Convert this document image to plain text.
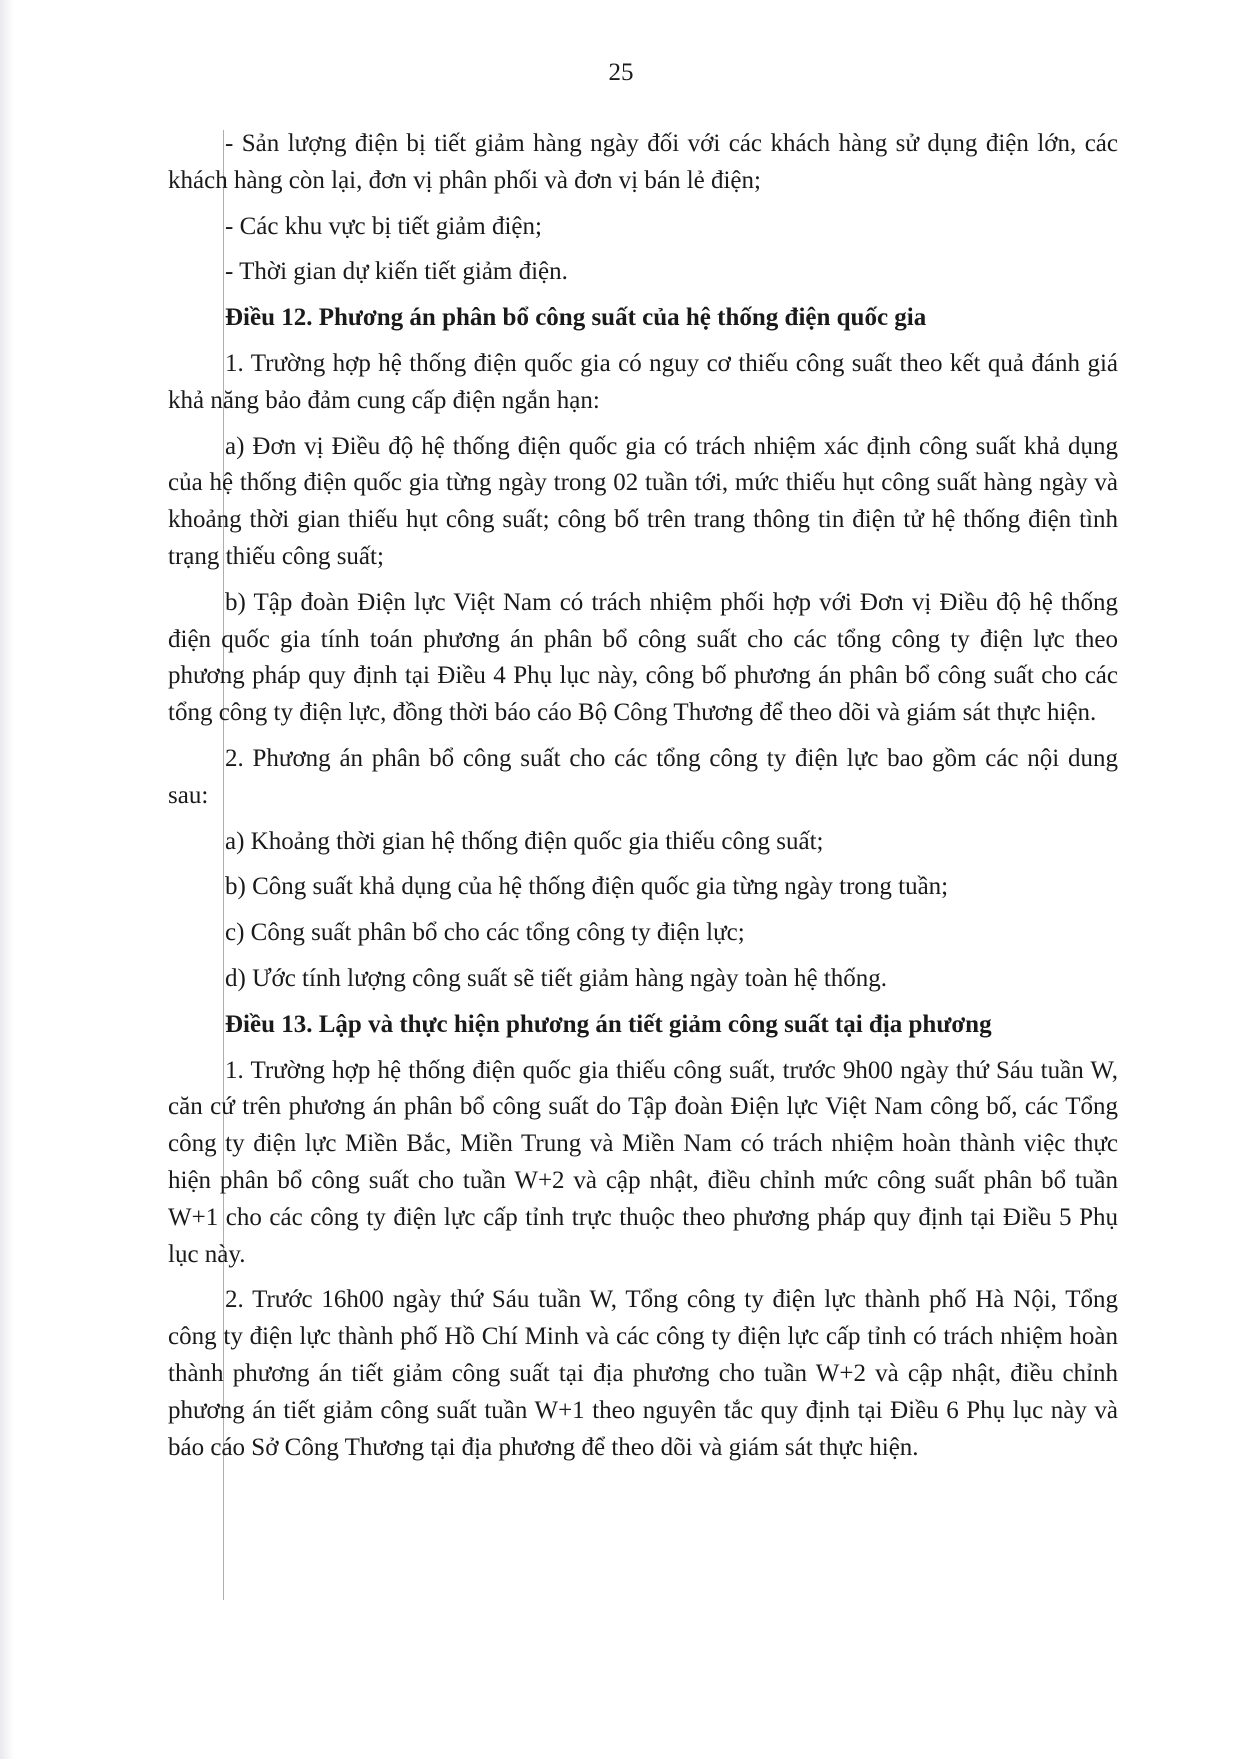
25

- Sản lượng điện bị tiết giảm hàng ngày đối với các khách hàng sử dụng điện lớn, các khách hàng còn lại, đơn vị phân phối và đơn vị bán lẻ điện;

- Các khu vực bị tiết giảm điện;

- Thời gian dự kiến tiết giảm điện.

Điều 12. Phương án phân bổ công suất của hệ thống điện quốc gia

1. Trường hợp hệ thống điện quốc gia có nguy cơ thiếu công suất theo kết quả đánh giá khả năng bảo đảm cung cấp điện ngắn hạn:

a) Đơn vị Điều độ hệ thống điện quốc gia có trách nhiệm xác định công suất khả dụng của hệ thống điện quốc gia từng ngày trong 02 tuần tới, mức thiếu hụt công suất hàng ngày và khoảng thời gian thiếu hụt công suất; công bố trên trang thông tin điện tử hệ thống điện tình trạng thiếu công suất;

b) Tập đoàn Điện lực Việt Nam có trách nhiệm phối hợp với Đơn vị Điều độ hệ thống điện quốc gia tính toán phương án phân bổ công suất cho các tổng công ty điện lực theo phương pháp quy định tại Điều 4 Phụ lục này, công bố phương án phân bổ công suất cho các tổng công ty điện lực, đồng thời báo cáo Bộ Công Thương để theo dõi và giám sát thực hiện.

2. Phương án phân bổ công suất cho các tổng công ty điện lực bao gồm các nội dung sau:

a) Khoảng thời gian hệ thống điện quốc gia thiếu công suất;

b) Công suất khả dụng của hệ thống điện quốc gia từng ngày trong tuần;

c) Công suất phân bổ cho các tổng công ty điện lực;

d) Ước tính lượng công suất sẽ tiết giảm hàng ngày toàn hệ thống.

Điều 13. Lập và thực hiện phương án tiết giảm công suất tại địa phương

1. Trường hợp hệ thống điện quốc gia thiếu công suất, trước 9h00 ngày thứ Sáu tuần W, căn cứ trên phương án phân bổ công suất do Tập đoàn Điện lực Việt Nam công bố, các Tổng công ty điện lực Miền Bắc, Miền Trung và Miền Nam có trách nhiệm hoàn thành việc thực hiện phân bổ công suất cho tuần W+2 và cập nhật, điều chỉnh mức công suất phân bổ tuần W+1 cho các công ty điện lực cấp tỉnh trực thuộc theo phương pháp quy định tại Điều 5 Phụ lục này.

2. Trước 16h00 ngày thứ Sáu tuần W, Tổng công ty điện lực thành phố Hà Nội, Tổng công ty điện lực thành phố Hồ Chí Minh và các công ty điện lực cấp tỉnh có trách nhiệm hoàn thành phương án tiết giảm công suất tại địa phương cho tuần W+2 và cập nhật, điều chỉnh phương án tiết giảm công suất tuần W+1 theo nguyên tắc quy định tại Điều 6 Phụ lục này và báo cáo Sở Công Thương tại địa phương để theo dõi và giám sát thực hiện.
